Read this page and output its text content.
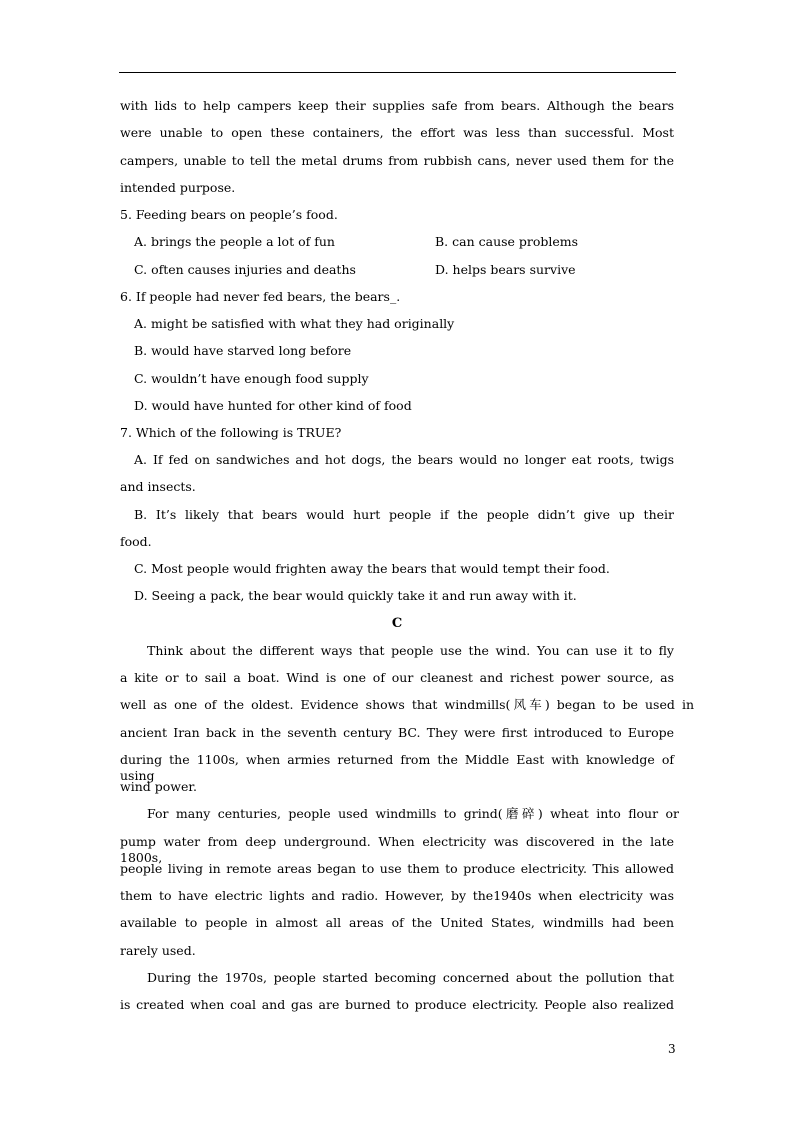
with lids to help campers keep their supplies safe from bears. Although the bears
were unable to open these containers, the effort was less than successful. Most
campers, unable to tell the metal drums from rubbish cans, never used them for the
intended purpose.
5. Feeding bears on people’s food.
A. brings the people a lot of fun	B. can cause problems
C. often causes injuries and deaths	D. helps bears survive
6. If people had never fed bears, the bears_.
A. might be satisfied with what they had originally
B. would have starved long before
C. wouldn’t have enough food supply
D. would have hunted for other kind of food
7. Which of the following is TRUE?
A. If fed on sandwiches and hot dogs, the bears would no longer eat roots, twigs
and insects.
B. It’s likely that bears would hurt people if the people didn’t give up their
food.
C. Most people would frighten away the bears that would tempt their food.
D. Seeing a pack, the bear would quickly take it and run away with it.
C
Think about the different ways that people use the wind. You can use it to fly
a kite or to sail a boat. Wind is one of our cleanest and richest power source, as
well as one of the oldest. Evidence shows that windmills(风车) began to be used in
ancient Iran back in the seventh century BC. They were first introduced to Europe
during the 1100s, when armies returned from the Middle East with knowledge of using
wind power.
For many centuries, people used windmills to grind(磨碎) wheat into flour or
pump water from deep underground. When electricity was discovered in the late 1800s,
people living in remote areas began to use them to produce electricity. This allowed
them to have electric lights and radio. However, by the1940s when electricity was
available to people in almost all areas of the United States, windmills had been
rarely used.
During the 1970s, people started becoming concerned about the pollution that
is created when coal and gas are burned to produce electricity. People also realized
3
